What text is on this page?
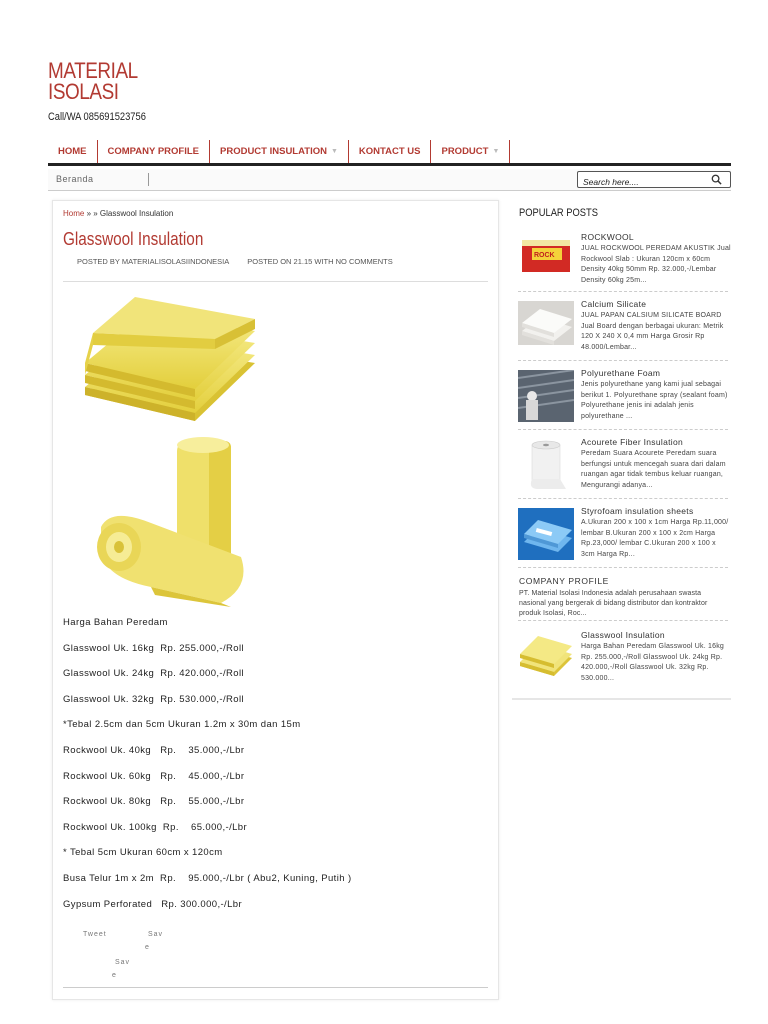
MATERIAL
ISOLASI
Call/WA 085691523756
HOME COMPANY PROFILE PRODUCT INSULATION ▼ KONTACT US PRODUCT ▼
Beranda
Search here....
Home » » Glasswool Insulation
Glasswool Insulation
POSTED BY MATERIALISOLASIINDONESIA POSTED ON 21.15 WITH NO COMMENTS
Harga Bahan Peredam
Glasswool Uk. 16kg  Rp. 255.000,-/Roll
Glasswool Uk. 24kg  Rp. 420.000,-/Roll
Glasswool Uk. 32kg  Rp. 530.000,-/Roll
*Tebal 2.5cm dan 5cm Ukuran 1.2m x 30m dan 15m
Rockwool Uk. 40kg   Rp.    35.000,-/Lbr
Rockwool Uk. 60kg   Rp.    45.000,-/Lbr
Rockwool Uk. 80kg   Rp.    55.000,-/Lbr
Rockwool Uk. 100kg  Rp.    65.000,-/Lbr
* Tebal 5cm Ukuran 60cm x 120cm
Busa Telur 1m x 2m  Rp.    95.000,-/Lbr ( Abu2, Kuning, Putih )
Gypsum Perforated   Rp. 300.000,-/Lbr
Tweet	Sav
e
Sav
e
POPULAR POSTS
ROCK
ROCKWOOL
JUAL ROCKWOOL PEREDAM AKUSTIK Jual Rockwool Slab : Ukuran 120cm x 60cm Density 40kg 50mm Rp. 32.000,-/Lembar Density 60kg 25m...
Calcium Silicate
JUAL PAPAN CALSIUM SILICATE BOARD Jual Board dengan berbagai ukuran: Metrik 120 X 240 X 0,4 mm Harga Grosir Rp 48.000/Lembar...
Polyurethane Foam
Jenis polyurethane yang kami jual sebagai berikut 1. Polyurethane spray (sealant foam) Polyurethane jenis ini adalah jenis polyurethane ...
Acourete Fiber Insulation
Peredam Suara Acourete Peredam suara berfungsi untuk mencegah suara dari dalam ruangan agar tidak tembus keluar ruangan, Mengurangi adanya...
Styrofoam insulation sheets
A.Ukuran 200 x 100 x 1cm Harga Rp.11,000/ lembar B.Ukuran 200 x 100 x 2cm Harga Rp.23,000/ lembar C.Ukuran 200 x 100 x 3cm Harga Rp...
COMPANY PROFILE
PT. Material Isolasi Indonesia adalah perusahaan swasta nasional yang bergerak di bidang distributor dan kontraktor produk Isolasi, Roc...
Glasswool Insulation
Harga Bahan Peredam Glasswool Uk. 16kg Rp. 255.000,-/Roll Glasswool Uk. 24kg Rp. 420.000,-/Roll Glasswool Uk. 32kg Rp. 530.000...
